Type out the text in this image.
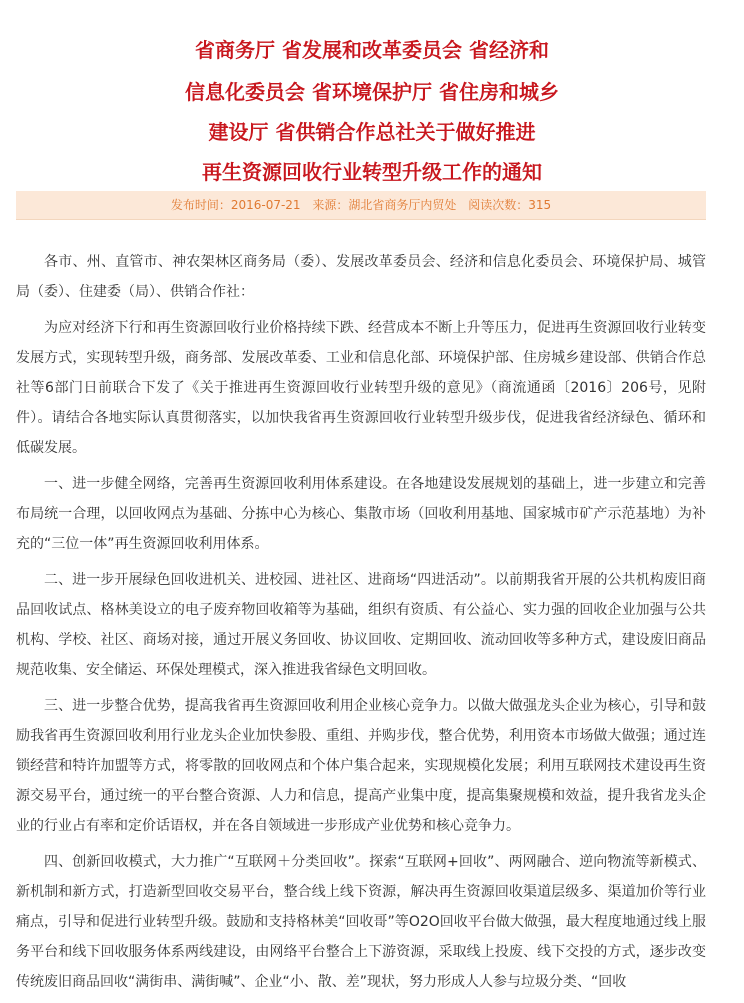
省商务厅 省发展和改革委员会 省经济和
信息化委员会 省环境保护厅 省住房和城乡
建设厅 省供销合作总社关于做好推进
再生资源回收行业转型升级工作的通知
发布时间：2016-07-21 来源：湖北省商务厅内贸处 阅读次数：315

各市、州、直管市、神农架林区商务局（委）、发展改革委员会、经济和信息化委员会、环境保护局、城管局（委）、住建委（局）、供销合作社：

为应对经济下行和再生资源回收行业价格持续下跌、经营成本不断上升等压力，促进再生资源回收行业转变发展方式，实现转型升级，商务部、发展改革委、工业和信息化部、环境保护部、住房城乡建设部、供销合作总社等6部门日前联合下发了《关于推进再生资源回收行业转型升级的意见》（商流通函〔2016〕206号，见附件）。请结合各地实际认真贯彻落实，以加快我省再生资源回收行业转型升级步伐，促进我省经济绿色、循环和低碳发展。

一、进一步健全网络，完善再生资源回收利用体系建设。在各地建设发展规划的基础上，进一步建立和完善布局统一合理，以回收网点为基础、分拣中心为核心、集散市场（回收利用基地、国家城市矿产示范基地）为补充的“三位一体”再生资源回收利用体系。

二、进一步开展绿色回收进机关、进校园、进社区、进商场“四进活动”。以前期我省开展的公共机构废旧商品回收试点、格林美设立的电子废弃物回收箱等为基础，组织有资质、有公益心、实力强的回收企业加强与公共机构、学校、社区、商场对接，通过开展义务回收、协议回收、定期回收、流动回收等多种方式，建设废旧商品规范收集、安全储运、环保处理模式，深入推进我省绿色文明回收。

三、进一步整合优势，提高我省再生资源回收利用企业核心竞争力。以做大做强龙头企业为核心，引导和鼓励我省再生资源回收利用行业龙头企业加快参股、重组、并购步伐，整合优势，利用资本市场做大做强；通过连锁经营和特许加盟等方式，将零散的回收网点和个体户集合起来，实现规模化发展；利用互联网技术建设再生资源交易平台，通过统一的平台整合资源、人力和信息，提高产业集中度，提高集聚规模和效益，提升我省龙头企业的行业占有率和定价话语权，并在各自领域进一步形成产业优势和核心竞争力。

四、创新回收模式，大力推广“互联网＋分类回收”。探索“互联网+回收”、两网融合、逆向物流等新模式、新机制和新方式，打造新型回收交易平台，整合线上线下资源，解决再生资源回收渠道层级多、渠道加价等行业痛点，引导和促进行业转型升级。鼓励和支持格林美“回收哥”等O2O回收平台做大做强，最大程度地通过线上服务平台和线下回收服务体系两线建设，由网络平台整合上下游资源，采取线上投废、线下交投的方式，逐步改变传统废旧商品回收“满街串、满街喊”、企业“小、散、差”现状，努力形成人人参与垃圾分类、“回收
